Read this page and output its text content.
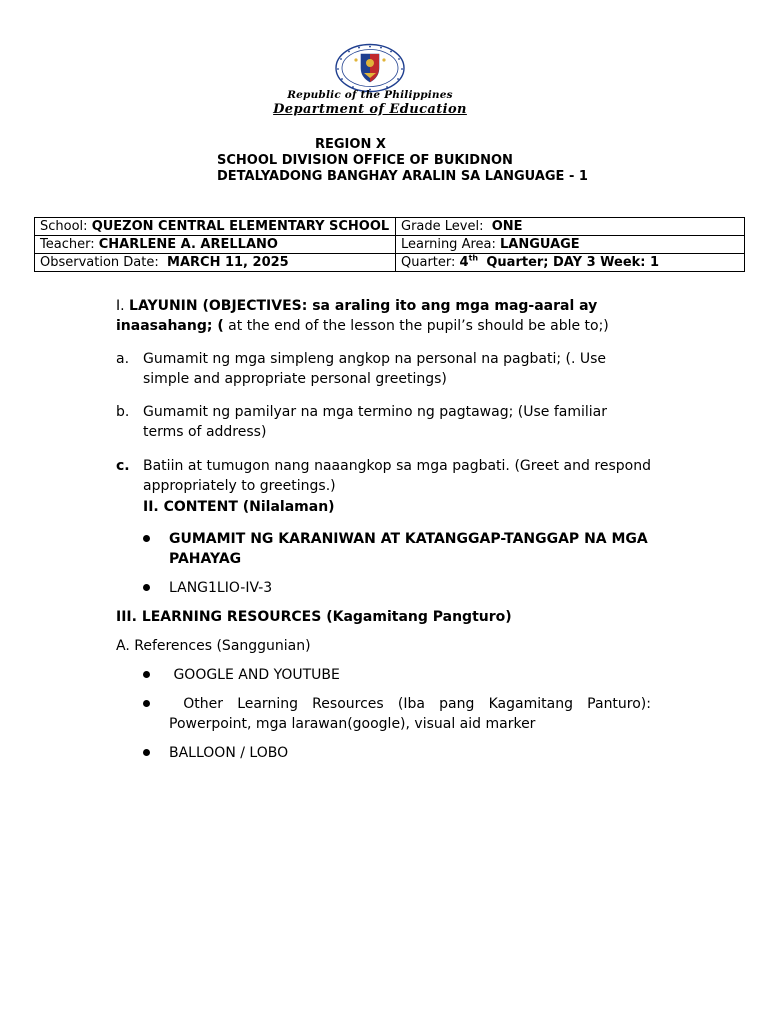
Republic of the Philippines
Department of Education
REGION X
SCHOOL DIVISION OFFICE OF BUKIDNON
DETALYADONG BANGHAY ARALIN SA LANGUAGE - 1
School: QUEZON CENTRAL ELEMENTARY SCHOOL	Grade Level: ONE
Teacher: CHARLENE A. ARELLANO	Learning Area: LANGUAGE
Observation Date: MARCH 11, 2025	Quarter: 4th Quarter; DAY 3 Week: 1
I. LAYUNIN (OBJECTIVES: sa araling ito ang mga mag-aaral ay
inaasahang; ( at the end of the lesson the pupil’s should be able to;)
a. Gumamit ng mga simpleng angkop na personal na pagbati; (. Use simple and appropriate personal greetings)
b. Gumamit ng pamilyar na mga termino ng pagtawag; (Use familiar terms of address)
c. Batiin at tumugon nang naaangkop sa mga pagbati. (Greet and respond appropriately to greetings.)
II. CONTENT (Nilalaman)
GUMAMIT NG KARANIWAN AT KATANGGAP-TANGGAP NA MGA PAHAYAG
LANG1LIO-IV-3
III. LEARNING RESOURCES (Kagamitang Pangturo)
A. References (Sanggunian)
GOOGLE AND YOUTUBE
Other Learning Resources (Iba pang Kagamitang Panturo): Powerpoint, mga larawan(google), visual aid marker
BALLOON / LOBO
